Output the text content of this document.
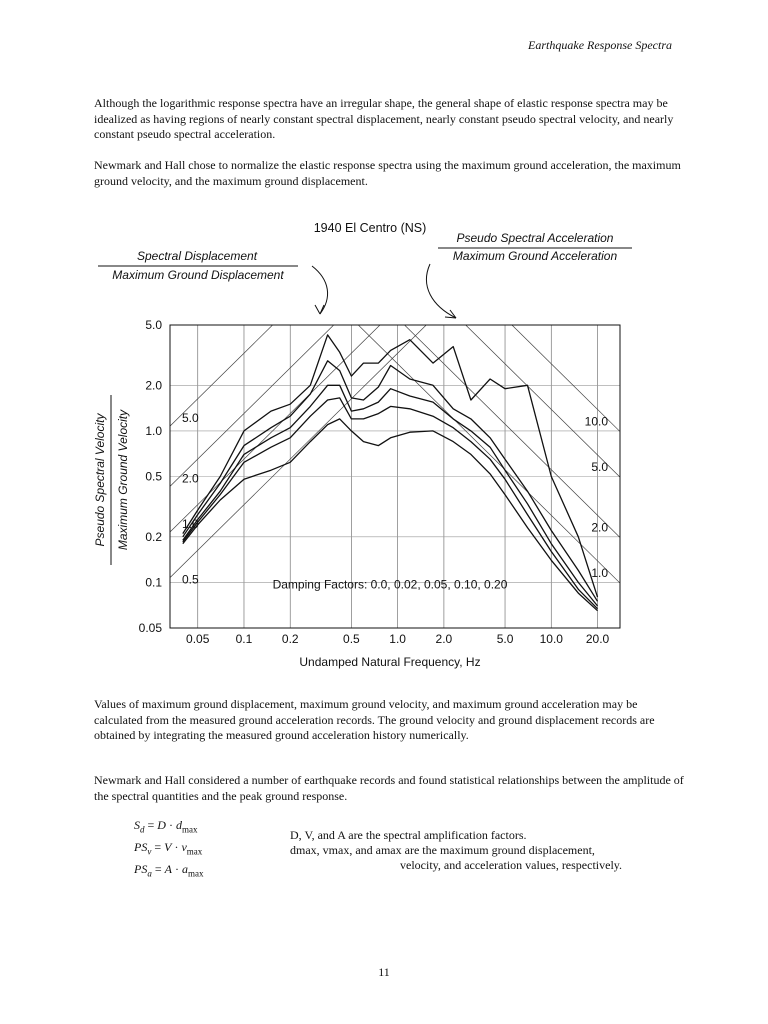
Earthquake Response Spectra
Although the logarithmic response spectra have an irregular shape, the general shape of elastic response spectra may be idealized as having regions of nearly constant spectral displacement, nearly constant pseudo spectral velocity, and nearly constant pseudo spectral acceleration.
Newmark and Hall chose to normalize the elastic response spectra using the maximum ground acceleration, the maximum ground velocity, and the maximum ground displacement.
1940 El Centro (NS)
Spectral Displacement
Maximum Ground Displacement
Pseudo Spectral Acceleration
Maximum Ground Acceleration
Pseudo Spectral Velocity Maximum Ground Velocity
Undamped Natural Frequency, Hz
0.05 0.1 0.2	0.5 1.0 2.0	5.0 10.0 20.0
5.0
2.0
1.0
0.5
0.2
0.1
0.05
5.0
2.0
1.0
0.5
10.0
5.0
2.0
1.0
Damping Factors: 0.0, 0.02, 0.05, 0.10, 0.20
Values of maximum ground displacement, maximum ground velocity, and maximum ground acceleration may be calculated from the measured ground acceleration records. The ground velocity and ground displacement records are obtained by integrating the measured ground acceleration history numerically.
Newmark and Hall considered a number of earthquake records and found statistical relationships between the amplitude of the spectral quantities and the peak ground response.
$S_d = D \cdot d_{max}$
$PS_v = V \cdot v_{max}$
$PS_a = A \cdot a_{max}$
D, V, and A are the spectral amplification factors.
dmax, vmax, and amax are the maximum ground displacement,
velocity, and acceleration values, respectively.
11
